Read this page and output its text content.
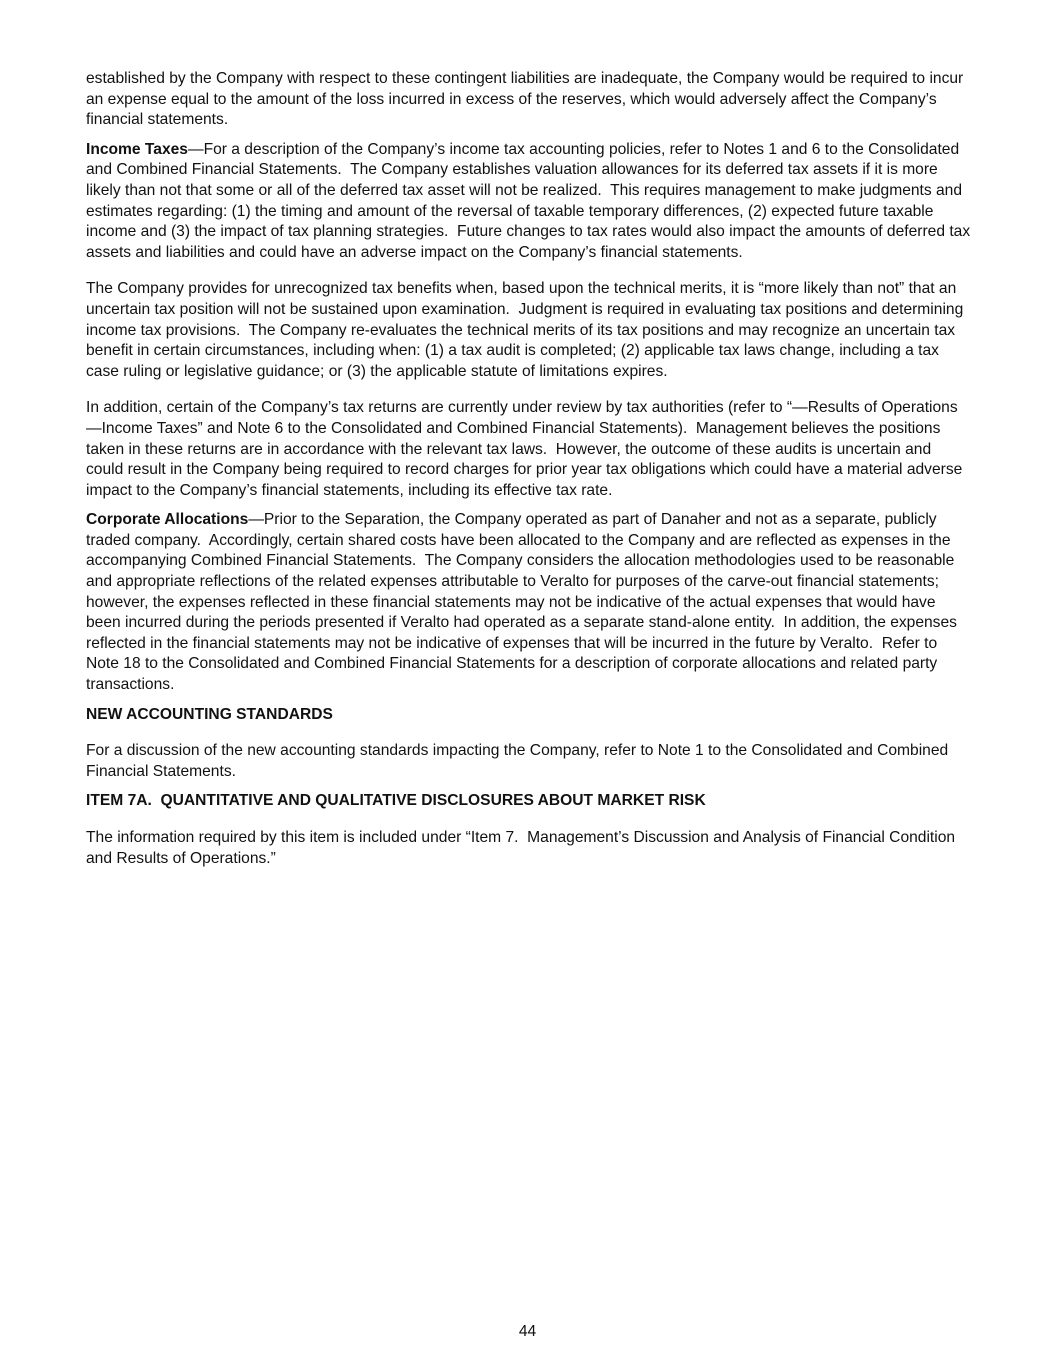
established by the Company with respect to these contingent liabilities are inadequate, the Company would be required to incur an expense equal to the amount of the loss incurred in excess of the reserves, which would adversely affect the Company’s financial statements.

Income Taxes—For a description of the Company’s income tax accounting policies, refer to Notes 1 and 6 to the Consolidated and Combined Financial Statements.  The Company establishes valuation allowances for its deferred tax assets if it is more likely than not that some or all of the deferred tax asset will not be realized.  This requires management to make judgments and estimates regarding: (1) the timing and amount of the reversal of taxable temporary differences, (2) expected future taxable income and (3) the impact of tax planning strategies.  Future changes to tax rates would also impact the amounts of deferred tax assets and liabilities and could have an adverse impact on the Company’s financial statements.

The Company provides for unrecognized tax benefits when, based upon the technical merits, it is “more likely than not” that an uncertain tax position will not be sustained upon examination.  Judgment is required in evaluating tax positions and determining income tax provisions.  The Company re-evaluates the technical merits of its tax positions and may recognize an uncertain tax benefit in certain circumstances, including when: (1) a tax audit is completed; (2) applicable tax laws change, including a tax case ruling or legislative guidance; or (3) the applicable statute of limitations expires.

In addition, certain of the Company’s tax returns are currently under review by tax authorities (refer to “—Results of Operations—Income Taxes” and Note 6 to the Consolidated and Combined Financial Statements).  Management believes the positions taken in these returns are in accordance with the relevant tax laws.  However, the outcome of these audits is uncertain and could result in the Company being required to record charges for prior year tax obligations which could have a material adverse impact to the Company’s financial statements, including its effective tax rate.

Corporate Allocations—Prior to the Separation, the Company operated as part of Danaher and not as a separate, publicly traded company.  Accordingly, certain shared costs have been allocated to the Company and are reflected as expenses in the accompanying Combined Financial Statements.  The Company considers the allocation methodologies used to be reasonable and appropriate reflections of the related expenses attributable to Veralto for purposes of the carve-out financial statements; however, the expenses reflected in these financial statements may not be indicative of the actual expenses that would have been incurred during the periods presented if Veralto had operated as a separate stand-alone entity.  In addition, the expenses reflected in the financial statements may not be indicative of expenses that will be incurred in the future by Veralto.  Refer to Note 18 to the Consolidated and Combined Financial Statements for a description of corporate allocations and related party transactions.

NEW ACCOUNTING STANDARDS

For a discussion of the new accounting standards impacting the Company, refer to Note 1 to the Consolidated and Combined Financial Statements.

ITEM 7A.  QUANTITATIVE AND QUALITATIVE DISCLOSURES ABOUT MARKET RISK

The information required by this item is included under “Item 7.  Management’s Discussion and Analysis of Financial Condition and Results of Operations.”

44
